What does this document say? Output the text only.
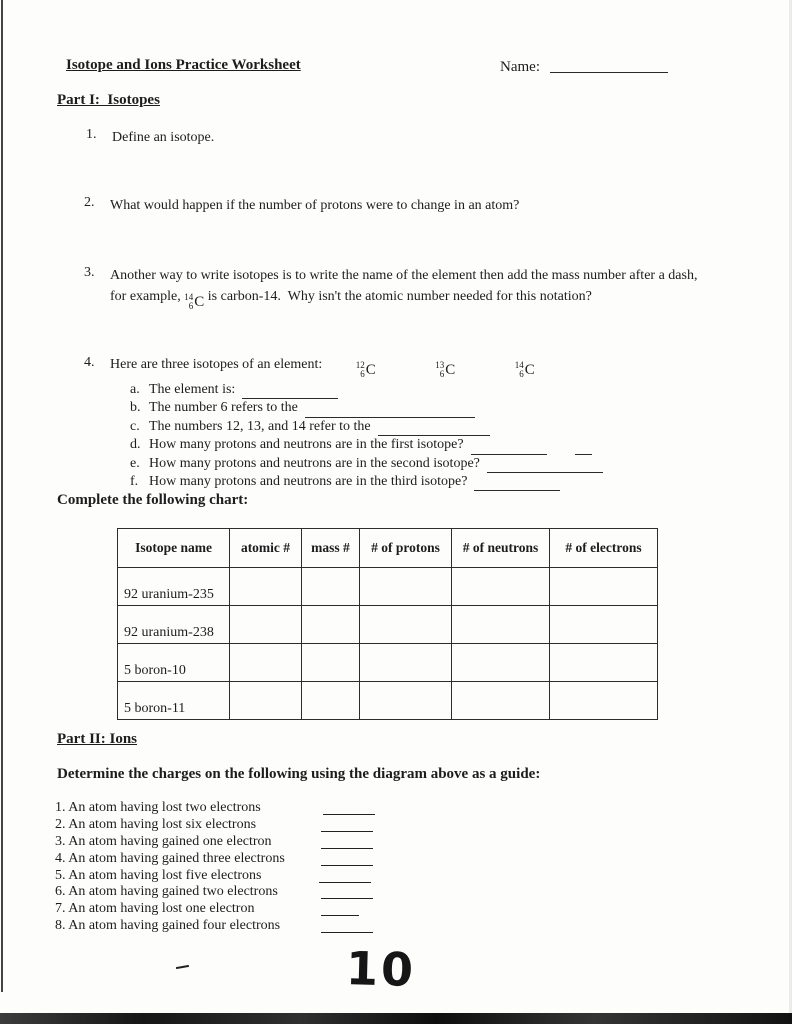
Isotope and Ions Practice Worksheet	Name:
Part I:  Isotopes
1.	Define an isotope.
2.	What would happen if the number of protons were to change in an atom?
3.	Another way to write isotopes is to write the name of the element then add the mass number after a dash,
for example, 14
6 C is carbon-14.  Why isn't the atomic number needed for this notation?
4.	Here are three isotopes of an element:	12
6 C
	13
6 C
	14
6 C
a. The element is:
b. The number 6 refers to the
c. The numbers 12, 13, and 14 refer to the
d. How many protons and neutrons are in the first isotope?
e. How many protons and neutrons are in the second isotope?
f. How many protons and neutrons are in the third isotope?
Complete the following chart:
Isotope name	atomic #	mass #	# of protons	# of neutrons	# of electrons
92 uranium-235					
92 uranium-238					
5 boron-10					
5 boron-11					
Part II: Ions
Determine the charges on the following using the diagram above as a guide:
1. An atom having lost two electrons
2. An atom having lost six electrons
3. An atom having gained one electron
4. An atom having gained three electrons
5. An atom having lost five electrons
6. An atom having gained two electrons
7. An atom having lost one electron
8. An atom having gained four electrons
10
